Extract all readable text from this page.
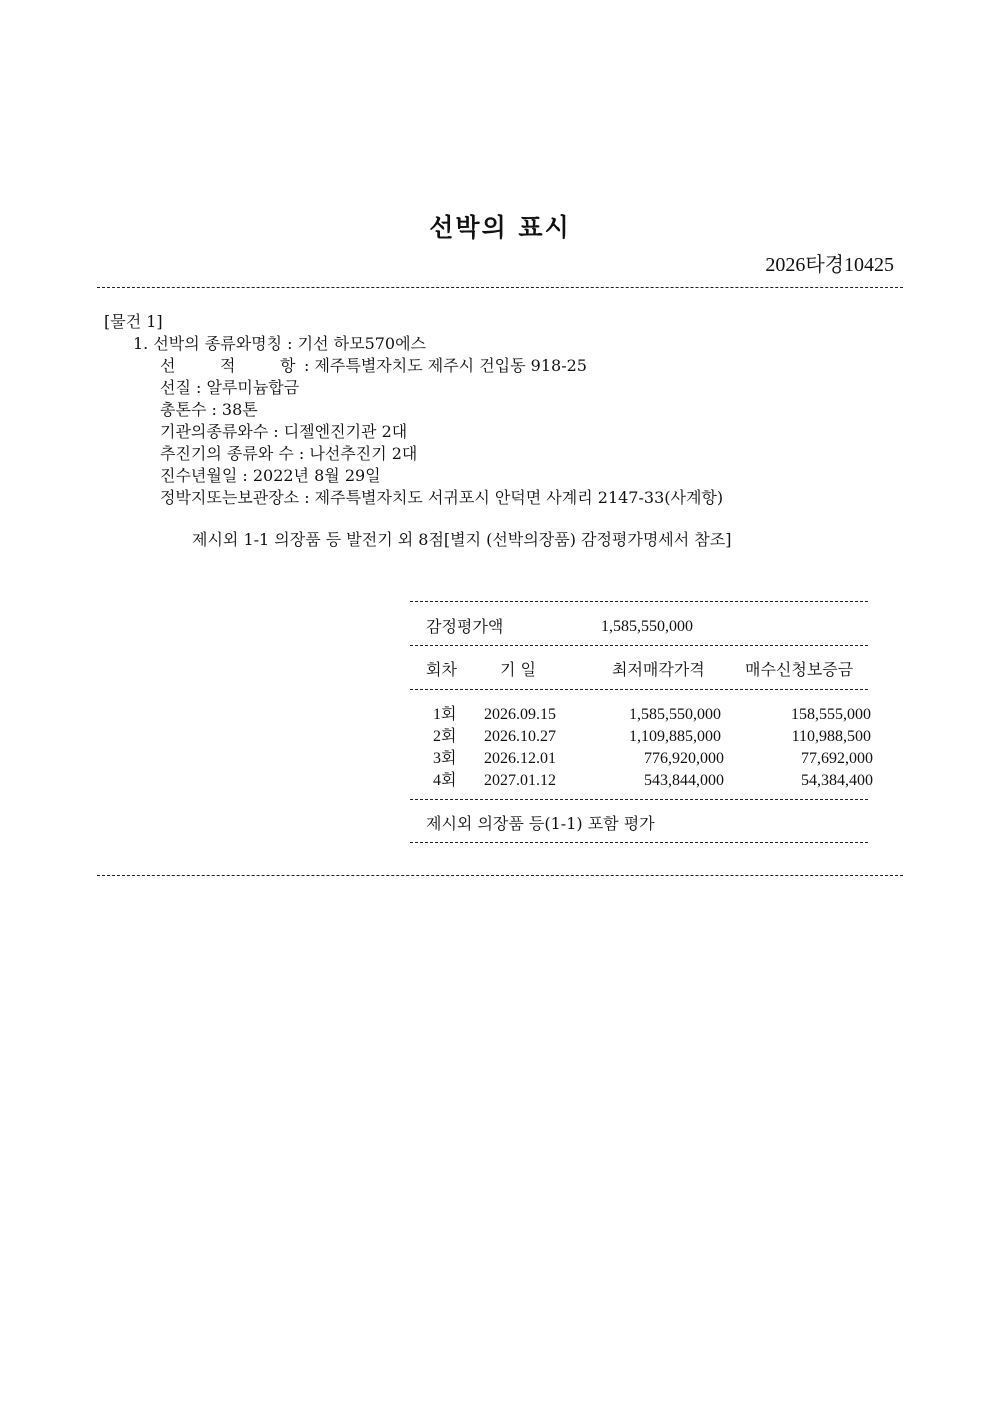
선박의 표시
2026타경10425
[물건 1]
1. 선박의 종류와명칭 : 기선 하모570에스
선	적	항 : 제주특별자치도 제주시 건입동 918-25
선질 : 알루미늄합금
총톤수 : 38톤
기관의종류와수 : 디젤엔진기관 2대
추진기의 종류와 수 : 나선추진기 2대
진수년월일 : 2022년 8월 29일
정박지또는보관장소 : 제주특별자치도 서귀포시 안덕면 사계리 2147-33(사계항)
제시외 1-1 의장품 등 발전기 외 8점[별지 (선박의장품) 감정평가명세서 참조]
감정평가액	1,585,550,000
회차	기 일	최저매각가격	매수신청보증금
1회 2026.09.15	1,585,550,000	158,555,000
2회 2026.10.27	1,109,885,000	110,988,500
3회 2026.12.01	776,920,000	77,692,000
4회 2027.01.12	543,844,000	54,384,400
제시외 의장품 등(1-1) 포함 평가
